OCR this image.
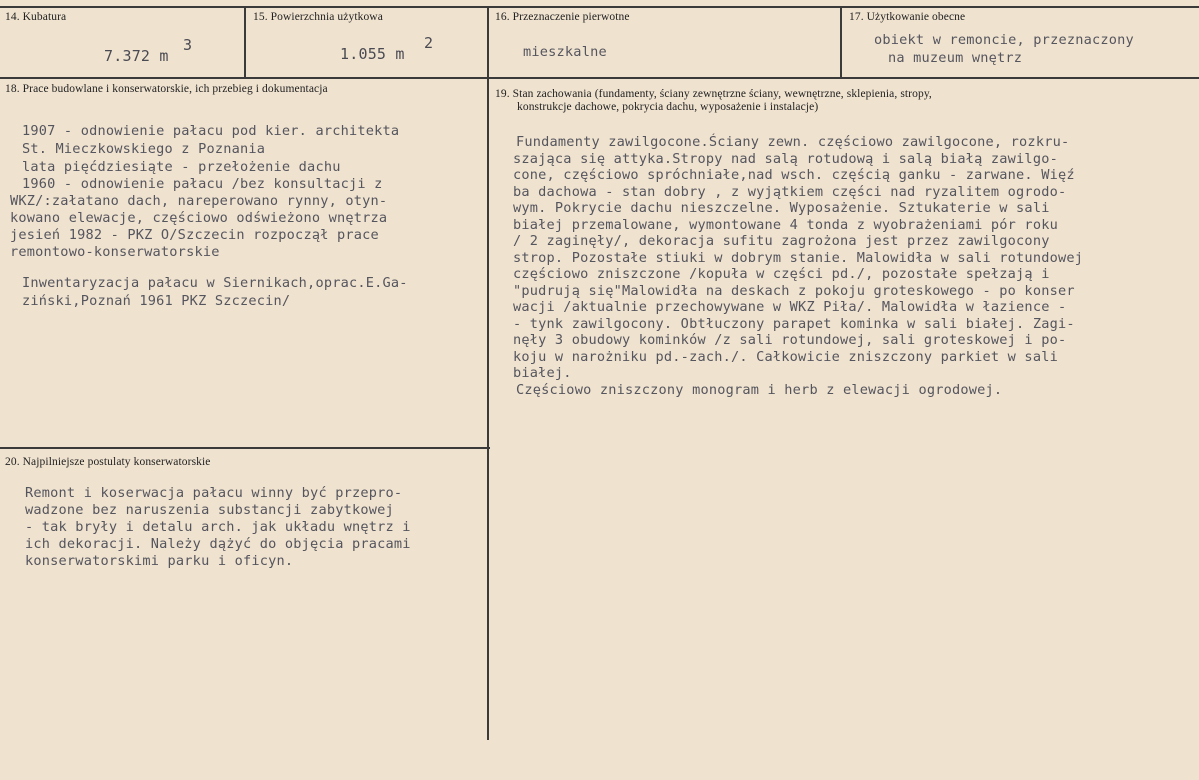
14. Kubatura
7.372 m
3
15. Powierzchnia użytkowa
1.055 m
2
16. Przeznaczenie pierwotne
mieszkalne
17. Użytkowanie obecne
obiekt w remoncie, przeznaczony
na muzeum wnętrz
18. Prace budowlane i konserwatorskie, ich przebieg i dokumentacja
1907 - odnowienie pałacu pod kier. architekta
St. Mieczkowskiego z Poznania
lata pięćdziesiąte - przełożenie dachu
1960 - odnowienie pałacu /bez konsultacji z
WKZ/:załatano dach, nareperowano rynny, otyn-
kowano elewacje, częściowo odświeżono wnętrza
jesień 1982 - PKZ O/Szczecin rozpoczął prace
remontowo-konserwatorskie
Inwentaryzacja pałacu w Siernikach,oprac.E.Ga-
ziński,Poznań 1961 PKZ Szczecin/
19. Stan zachowania (fundamenty, ściany zewnętrzne ściany, wewnętrzne, sklepienia, stropy,
konstrukcje dachowe, pokrycia dachu, wyposażenie i instalacje)
Fundamenty zawilgocone.Ściany zewn. częściowo zawilgocone, rozkru-
szająca się attyka.Stropy nad salą rotudową i salą białą zawilgo-
cone, częściowo spróchniałe,nad wsch. częścią ganku - zarwane. Więź
ba dachowa - stan dobry , z wyjątkiem części nad ryzalitem ogrodo-
wym. Pokrycie dachu nieszczelne. Wyposażenie. Sztukaterie w sali
białej przemalowane, wymontowane 4 tonda z wyobrażeniami pór roku
/ 2 zaginęły/, dekoracja sufitu zagrożona jest przez zawilgocony
strop. Pozostałe stiuki w dobrym stanie. Malowidła w sali rotundowej
częściowo zniszczone /kopuła w części pd./, pozostałe spełzają i
"pudrują się"Malowidła na deskach z pokoju groteskowego - po konser
wacji /aktualnie przechowywane w WKZ Piła/. Malowidła w łazience -
- tynk zawilgocony. Obtłuczony parapet kominka w sali białej. Zagi-
nęły 3 obudowy kominków /z sali rotundowej, sali groteskowej i po-
koju w narożniku pd.-zach./. Całkowicie zniszczony parkiet w sali
białej.
Częściowo zniszczony monogram i herb z elewacji ogrodowej.
20. Najpilniejsze postulaty konserwatorskie
Remont i koserwacja pałacu winny być przepro-
wadzone bez naruszenia substancji zabytkowej
- tak bryły i detalu arch. jak układu wnętrz i
ich dekoracji. Należy dążyć do objęcia pracami
konserwatorskimi parku i oficyn.
